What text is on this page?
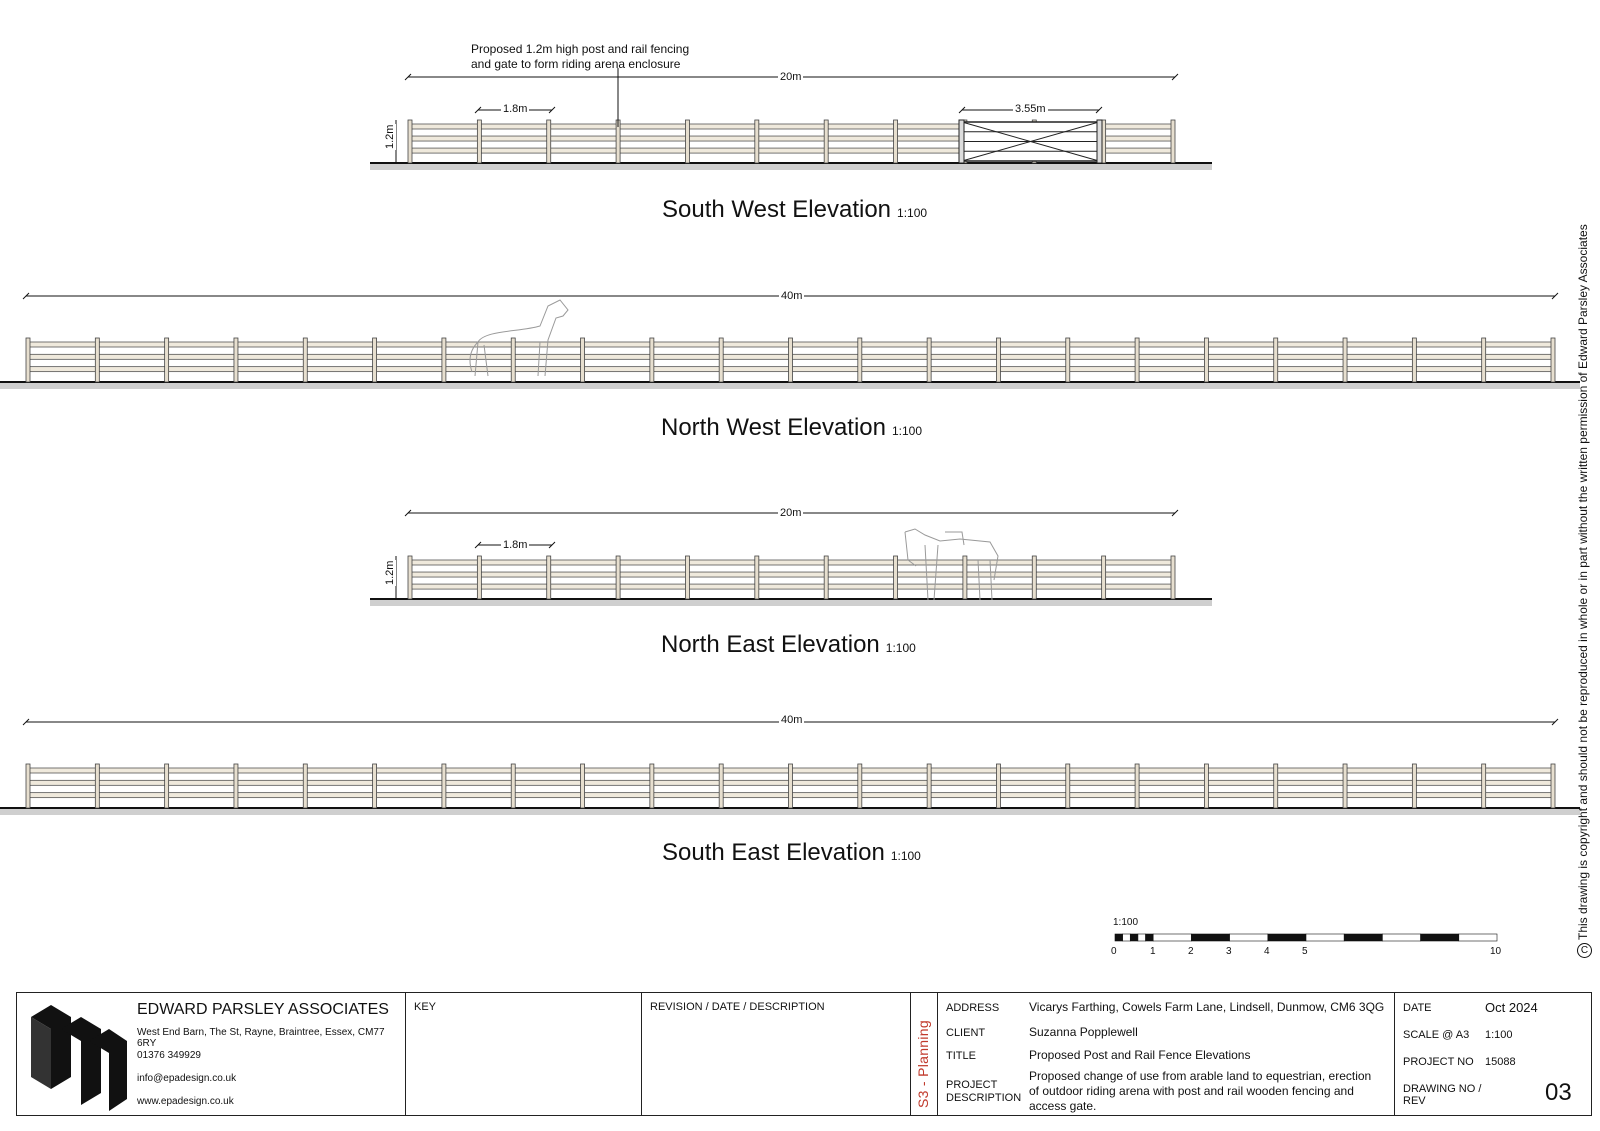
Proposed 1.2m high post and rail fencing
and gate to form riding arena enclosure
20m
1.8m	3.55m
1.2m
40m
20m
1.8m
1.2m
40m
South West Elevation 1:100
North West Elevation 1:100
North East Elevation 1:100
South East Elevation 1:100
1:100
0	1	2	3	4	5	10	CThis drawing is copyright and should not be reproduced in whole or in part without the written permission of Edward Parsley Associates
EDWARD PARSLEY ASSOCIATES
West End Barn, The St, Rayne, Braintree, Essex, CM77 6RY
01376 349929
info@epadesign.co.uk
www.epadesign.co.uk
KEY	REVISION / DATE / DESCRIPTION
S3 - Planning
ADDRESS Vicarys Farthing, Cowels Farm Lane, Lindsell, Dunmow, CM6 3QG
CLIENT	Suzanna Popplewell
TITLE	Proposed Post and Rail Fence Elevations
PROJECT
DESCRIPTION
Proposed change of use from arable land to equestrian, erection
of outdoor riding arena with post and rail wooden fencing and
access gate.
DATE	Oct 2024
SCALE @ A3 1:100
PROJECT NO 15088
DRAWING NO /
REV	03
